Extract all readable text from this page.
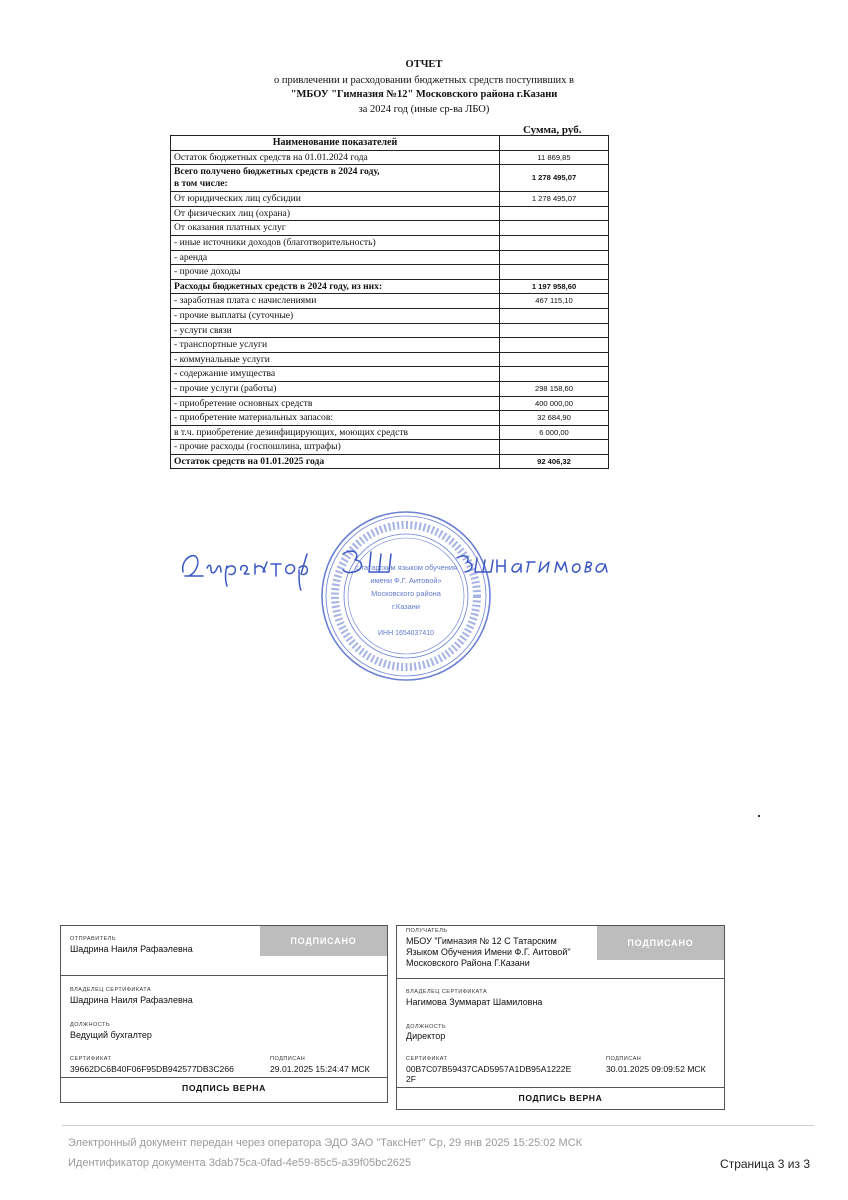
ОТЧЕТ
о привлечении и расходовании бюджетных средств поступивших в
"МБОУ "Гимназия №12" Московского района г.Казани
за 2024 год (иные ср-ва ЛБО)
Сумма, руб.
Наименование показателей	
Остаток бюджетных средств на 01.01.2024 года	11 869,85
Всего получено бюджетных средств в 2024 году,
в том числе:	1 278 495,07
От юридических лиц субсидии	1 278 495,07
От физических лиц (охрана)	
От оказания платных услуг	
- иные источники доходов (благотворительность)	
- аренда	
- прочие доходы	
Расходы бюджетных средств в 2024 году, из них:	1 197 958,60
- заработная плата с начислениями	467 115,10
- прочие выплаты (суточные)	
- услуги связи	
- транспортные услуги	
- коммунальные услуги	
- содержание имущества	
- прочие услуги (работы)	298 158,60
- приобретение основных средств	400 000,00
- приобретение материальных запасов:	32 684,90
в т.ч. приобретение дезинфицирующих, моющих средств	6 000,00
- прочие расходы (госпошлина, штрафы)	
Остаток средств на 01.01.2025 года	92 406,32
с татарским языком обучения
имени Ф.Г. Аитовой»
Московского района
г.Казани
ИНН 1654037410
ОТПРАВИТЕЛЬ
Шадрина Наиля Рафаэлевна
ПОДПИСАНО
ВЛАДЕЛЕЦ СЕРТИФИКАТА
Шадрина Наиля Рафаэлевна
ДОЛЖНОСТЬ
Ведущий бухгалтер
СЕРТИФИКАТ
39662DC6B40F06F95DB942577DB3C266
ПОДПИСАН
29.01.2025 15:24:47 МСК
ПОДПИСЬ ВЕРНА
ПОЛУЧАТЕЛЬ
МБОУ "Гимназия № 12 С Татарским
Языком Обучения Имени Ф.Г. Аитовой"
Московского Района Г.Казани
ПОДПИСАНО
ВЛАДЕЛЕЦ СЕРТИФИКАТА
Нагимова Зуммарат Шамиловна
ДОЛЖНОСТЬ
Директор
СЕРТИФИКАТ
00B7C07B59437CAD5957A1DB95A1222E
2F
ПОДПИСАН
30.01.2025 09:09:52 МСК
ПОДПИСЬ ВЕРНА
Электронный документ передан через оператора ЭДО ЗАО "ТаксНет" Ср, 29 янв 2025 15:25:02 МСК
Идентификатор документа 3dab75ca-0fad-4e59-85c5-a39f05bc2625	Страница 3 из 3
